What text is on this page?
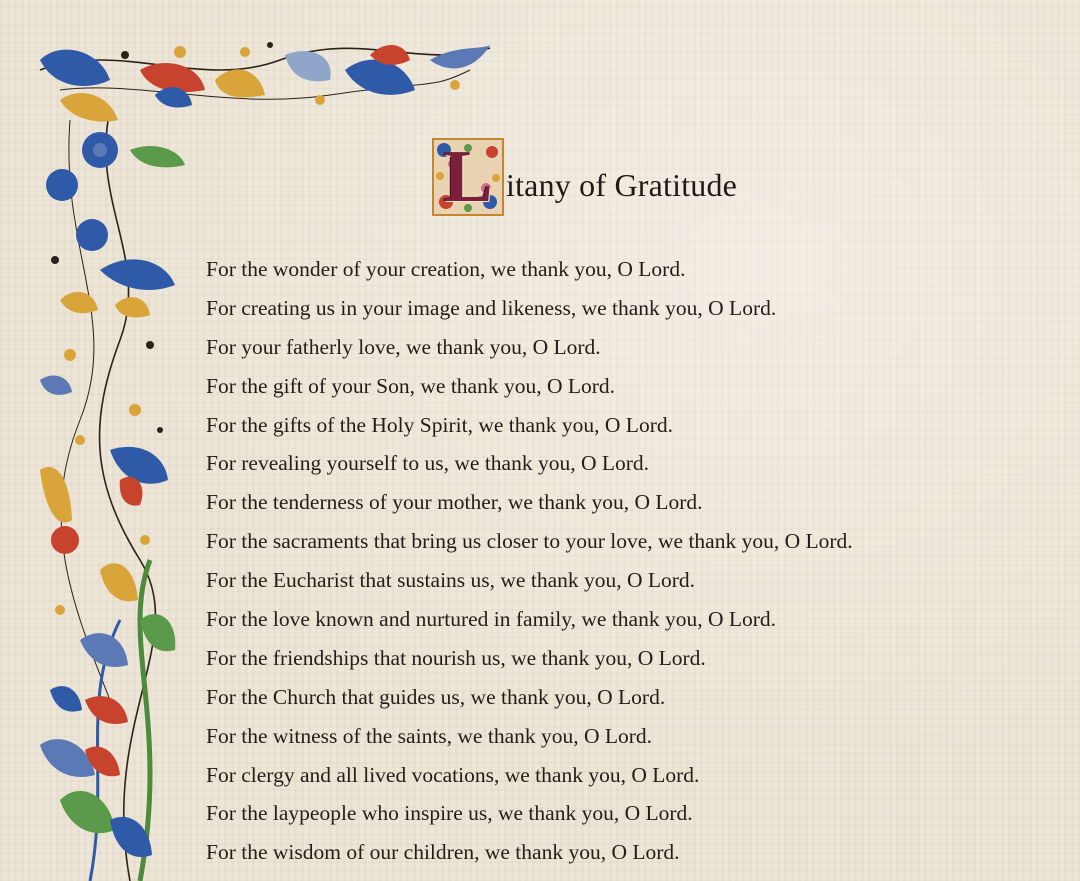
L itany of Gratitude
For the wonder of your creation, we thank you, O Lord.
For creating us in your image and likeness, we thank you, O Lord.
For your fatherly love, we thank you, O Lord.
For the gift of your Son, we thank you, O Lord.
For the gifts of the Holy Spirit, we thank you, O Lord.
For revealing yourself to us, we thank you, O Lord.
For the tenderness of your mother, we thank you, O Lord.
For the sacraments that bring us closer to your love, we thank you, O Lord.
For the Eucharist that sustains us, we thank you, O Lord.
For the love known and nurtured in family, we thank you, O Lord.
For the friendships that nourish us, we thank you, O Lord.
For the Church that guides us, we thank you, O Lord.
For the witness of the saints, we thank you, O Lord.
For clergy and all lived vocations, we thank you, O Lord.
For the laypeople who inspire us, we thank you, O Lord.
For the wisdom of our children, we thank you, O Lord.
